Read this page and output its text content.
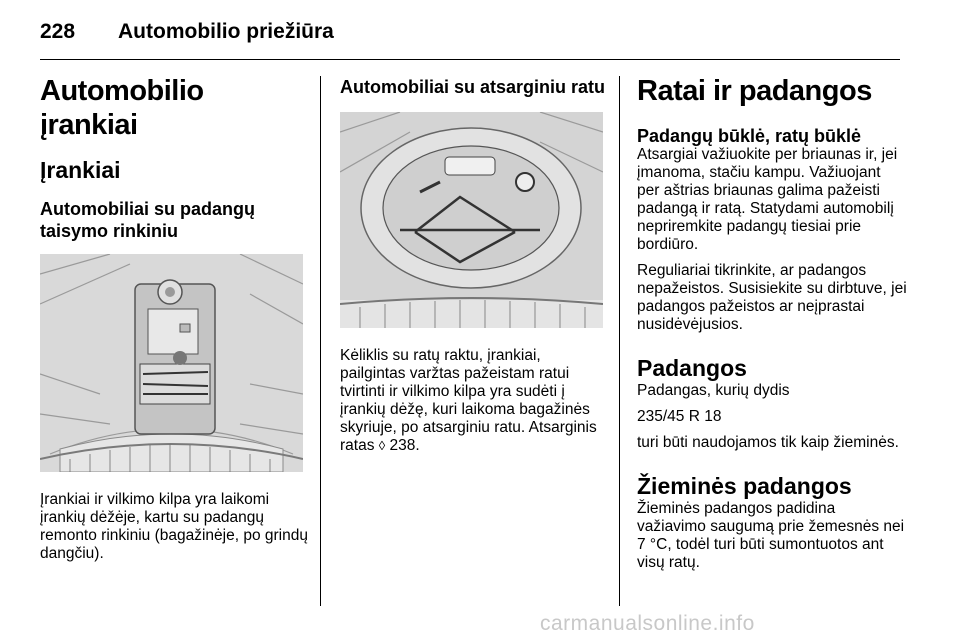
228 Automobilio priežiūra
Automobilio įrankiai
Įrankiai
Automobiliai su padangų taisymo rinkiniu
Įrankiai ir vilkimo kilpa yra laikomi įrankių dėžėje, kartu su padangų remonto rinkiniu (bagažinėje, po grindų dangčiu).
Automobiliai su atsarginiu ratu
Kėliklis su ratų raktu, įrankiai, pailgintas varžtas pažeistam ratui tvirtinti ir vilkimo kilpa yra sudėti į įrankių dėžę, kuri laikoma bagažinės skyriuje, po atsarginiu ratu. Atsarginis ratas ◊ 238.
Ratai ir padangos
Padangų būklė, ratų būklė
Atsargiai važiuokite per briaunas ir, jei įmanoma, stačiu kampu. Važiuojant per aštrias briaunas galima pažeisti padangą ir ratą. Statydami automobilį nepriremkite padangų tiesiai prie bordiūro.
Reguliariai tikrinkite, ar padangos nepažeistos. Susisiekite su dirbtuve, jei padangos pažeistos ar neįprastai nusidėvėjusios.
Padangos
Padangas, kurių dydis
235/45 R 18
turi būti naudojamos tik kaip žieminės.
Žieminės padangos
Žieminės padangos padidina važiavimo saugumą prie žemesnės nei 7 °C, todėl turi būti sumontuotos ant visų ratų.
carmanualsonline.info
